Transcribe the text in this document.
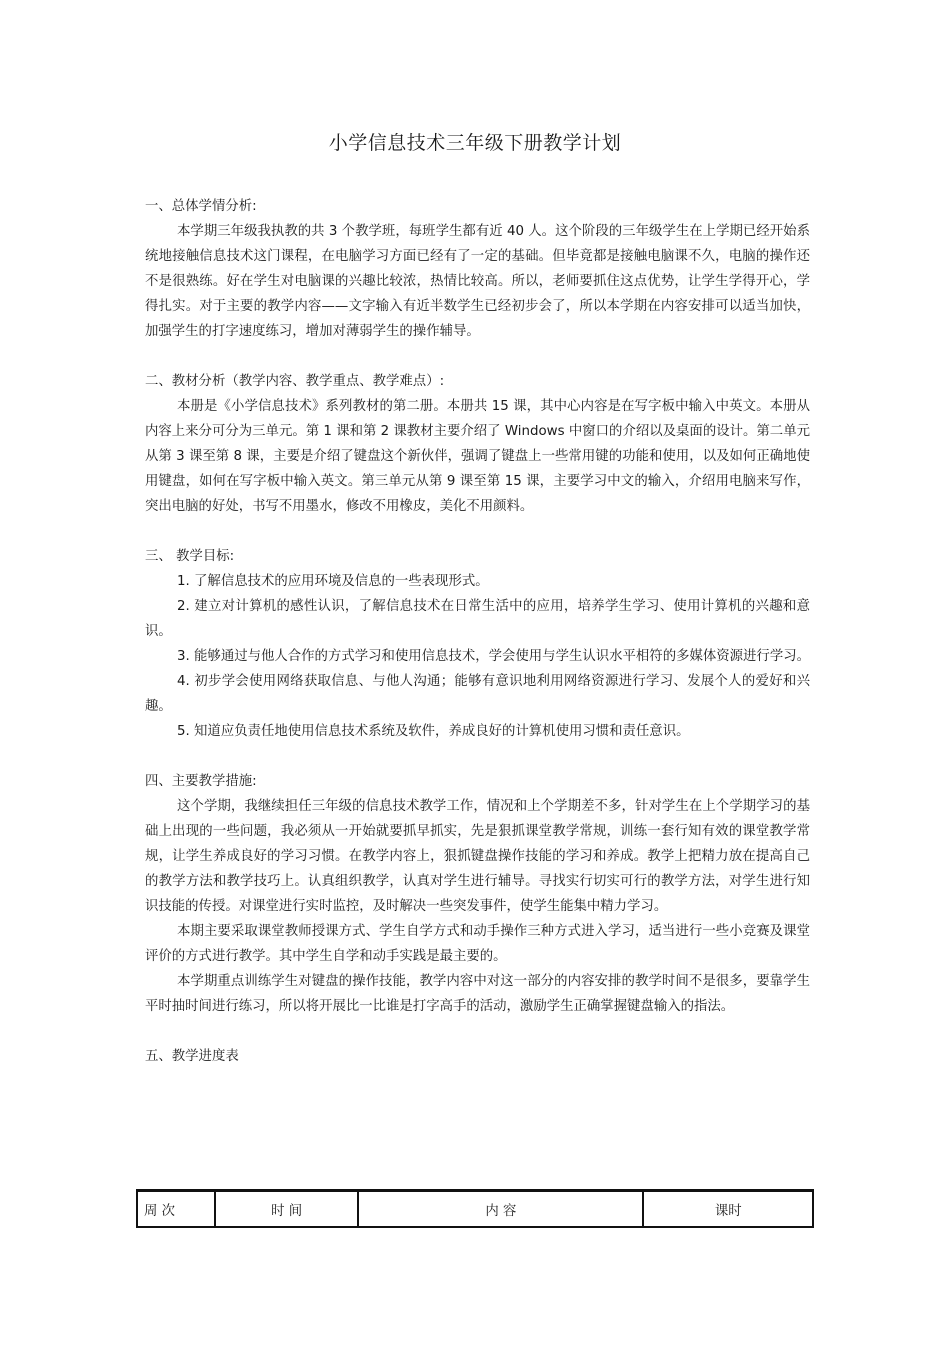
小学信息技术三年级下册教学计划

一、总体学情分析:

本学期三年级我执教的共 3 个教学班，每班学生都有近 40 人。这个阶段的三年级学生在上学期已经开始系统地接触信息技术这门课程，在电脑学习方面已经有了一定的基础。但毕竟都是接触电脑课不久，电脑的操作还不是很熟练。好在学生对电脑课的兴趣比较浓，热情比较高。所以，老师要抓住这点优势，让学生学得开心，学得扎实。对于主要的教学内容——文字输入有近半数学生已经初步会了，所以本学期在内容安排可以适当加快，加强学生的打字速度练习，增加对薄弱学生的操作辅导。

二、教材分析（教学内容、教学重点、教学难点）:

本册是《小学信息技术》系列教材的第二册。本册共 15 课，其中心内容是在写字板中输入中英文。本册从内容上来分可分为三单元。第 1 课和第 2 课教材主要介绍了 Windows 中窗口的介绍以及桌面的设计。第二单元从第 3 课至第 8 课，主要是介绍了键盘这个新伙伴，强调了键盘上一些常用键的功能和使用，以及如何正确地使用键盘，如何在写字板中输入英文。第三单元从第 9 课至第 15 课，主要学习中文的输入，介绍用电脑来写作，突出电脑的好处，书写不用墨水，修改不用橡皮，美化不用颜料。

三、 教学目标:

1. 了解信息技术的应用环境及信息的一些表现形式。

2. 建立对计算机的感性认识，了解信息技术在日常生活中的应用，培养学生学习、使用计算机的兴趣和意识。

3. 能够通过与他人合作的方式学习和使用信息技术，学会使用与学生认识水平相符的多媒体资源进行学习。

4. 初步学会使用网络获取信息、与他人沟通；能够有意识地利用网络资源进行学习、发展个人的爱好和兴趣。

5. 知道应负责任地使用信息技术系统及软件，养成良好的计算机使用习惯和责任意识。

四、主要教学措施:

这个学期，我继续担任三年级的信息技术教学工作，情况和上个学期差不多，针对学生在上个学期学习的基础上出现的一些问题，我必须从一开始就要抓早抓实，先是狠抓课堂教学常规，训练一套行知有效的课堂教学常规，让学生养成良好的学习习惯。在教学内容上，狠抓键盘操作技能的学习和养成。教学上把精力放在提高自己的教学方法和教学技巧上。认真组织教学，认真对学生进行辅导。寻找实行切实可行的教学方法，对学生进行知识技能的传授。对课堂进行实时监控，及时解决一些突发事件，使学生能集中精力学习。

本期主要采取课堂教师授课方式、学生自学方式和动手操作三种方式进入学习，适当进行一些小竞赛及课堂评价的方式进行教学。其中学生自学和动手实践是最主要的。

本学期重点训练学生对键盘的操作技能，教学内容中对这一部分的内容安排的教学时间不是很多，要靠学生平时抽时间进行练习，所以将开展比一比谁是打字高手的活动，激励学生正确掌握键盘输入的指法。

五、教学进度表

周 次	时 间	内 容	课时
